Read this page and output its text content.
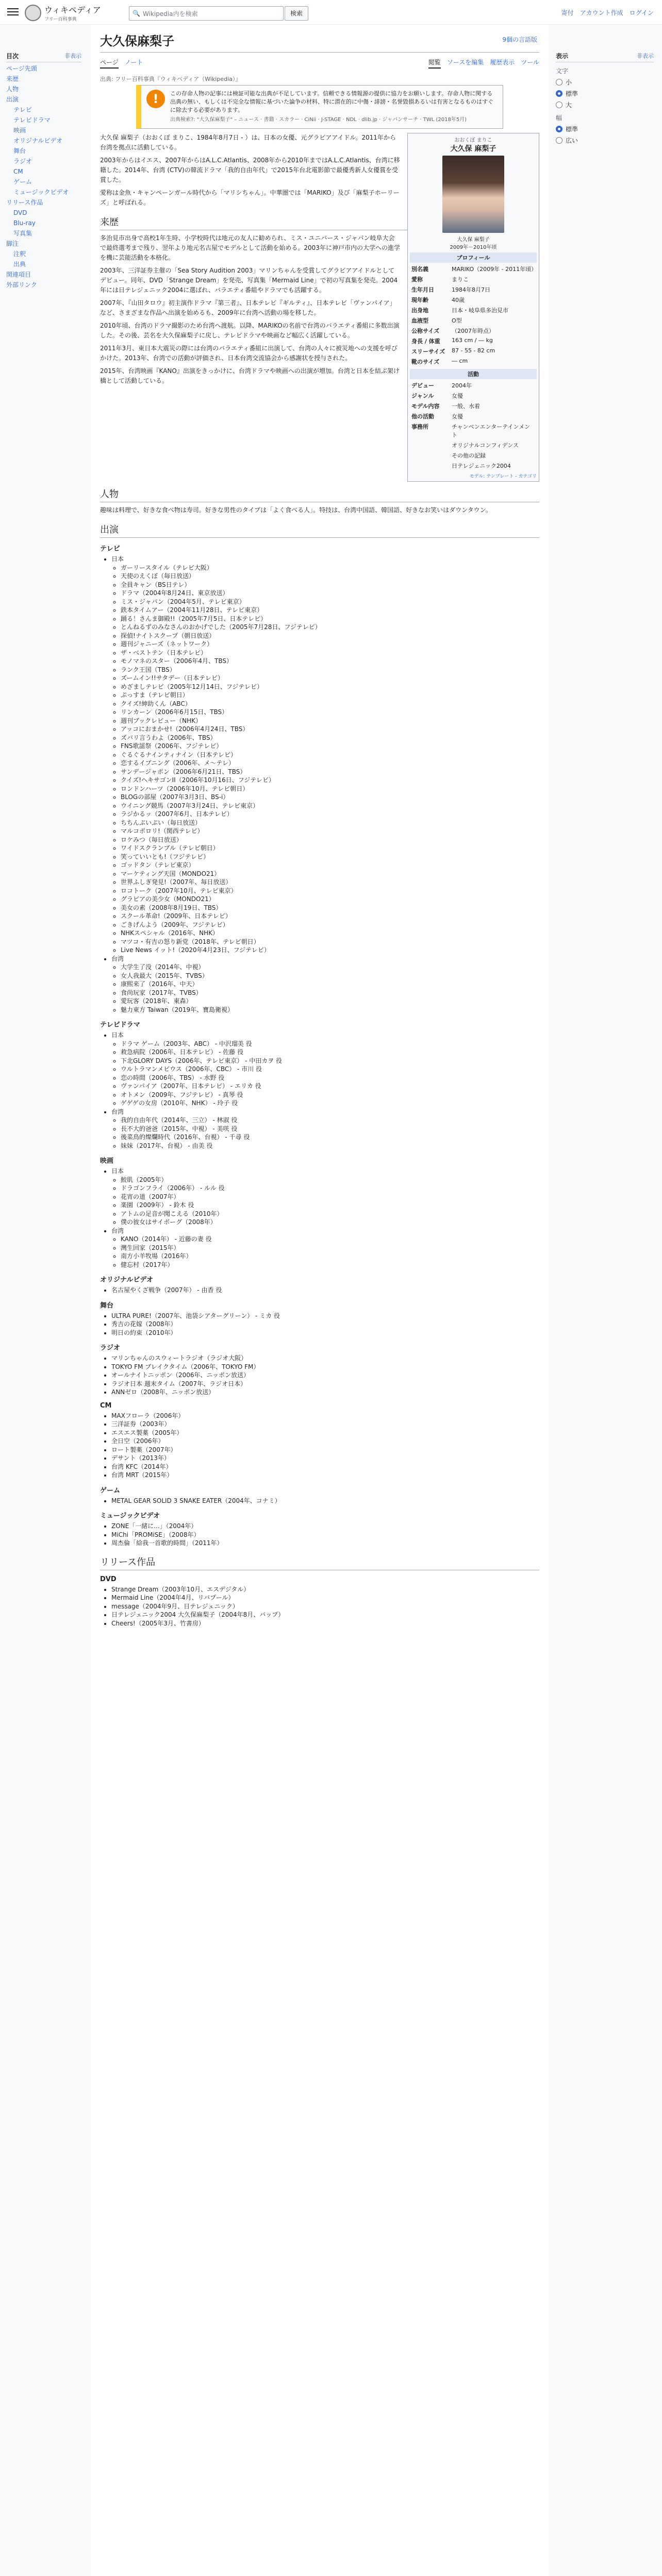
ウィキペディア
フリー百科事典
🔍 Wikipedia内を検索	検索	寄付 アカウント作成 ログイン
目次	非表示
ページ先頭
来歴
人物
出演
テレビ
テレビドラマ
映画
オリジナルビデオ
舞台
ラジオ
CM
ゲーム
ミュージックビデオ
リリース作品
DVD
Blu-ray
写真集
脚注
注釈
出典
関連項目
外部リンク
大久保麻梨子	9個の言語版
ページ ノート	閲覧 ソースを編集 履歴表示 ツール
出典: フリー百科事典『ウィキペディア（Wikipedia）』
!	この存命人物の記事には検証可能な出典が不足しています。信頼できる情報源の提供に協力をお願いします。存命人物に関する出典の無い、もしくは不完全な情報に基づいた論争の材料、特に潜在的に中傷・誹謗・名誉毀損あるいは有害となるものはすぐに除去する必要があります。
出典検索?: "大久保麻梨子" – ニュース · 書籍 · スカラー · CiNii · J-STAGE · NDL · dlib.jp · ジャパンサーチ · TWL (2018年5月)
おおくぼ まりこ
大久保 麻梨子
大久保 麻梨子
2009年－2010年頃
プロフィール
別名義	MARIKO（2009年 - 2011年頃）
愛称	まりこ
生年月日	1984年8月7日
現年齢	40歳
出身地	日本・岐阜県多治見市
血液型	O型
公称サイズ	（2007年時点）
身長 / 体重	163 cm / ― kg
スリーサイズ	87 - 55 - 82 cm
靴のサイズ	― cm
活動
デビュー	2004年
ジャンル	女優
モデル内容	一般、水着
他の活動	女優
事務所	チャンベンエンターテインメント
	オリジナルコンフィデンス
	その他の記録
	日テレジェニック2004
モデル: テンプレート - カテゴリ

大久保 麻梨子（おおくぼ まりこ、1984年8月7日 - ）は、日本の女優、元グラビアアイドル。2011年から台湾を拠点に活動している。

2003年からはイエス、2007年からはA.L.C.Atlantis、2008年から2010年まではA.L.C.Atlantis、台湾に移籍した。2014年、台湾 (CTV)の韓流ドラマ「我的自由年代」で2015年台北電影節で最優秀新人女優賞を受賞した。

愛称は金魚・キャンペーンガール時代から「マリシちゃん」。中華圏では「MARIKO」及び「麻梨子ホーリーズ」と呼ばれる。

来歴

多治見市出身で高校1年生時、小学校時代は地元の友人に勧められ、ミス・ユニバース・ジャパン岐阜大会で最終選考まで残り、翌年より地元名古屋でモデルとして活動を始める。2003年に神戸市内の大学への進学を機に芸能活動を本格化。

2003年、三洋証券主催の「Sea Story Audition 2003」マリンちゃんを受賞してグラビアアイドルとしてデビュー。同年、DVD「Strange Dream」を発売、写真集「Mermaid Line」で初の写真集を発売。2004年には日テレジェニック2004に選ばれ、バラエティ番組やドラマでも活躍する。

2007年、『山田タロウ』初主演作ドラマ『第三者』、日本テレビ『ギルティ』、日本テレビ「ヴァンパイア」など、さまざまな作品へ出演を始めるも、2009年に台湾へ活動の場を移した。

2010年頃、台湾のドラマ撮影のため台湾へ渡航。以降、MARIKOの名前で台湾のバラエティ番組に多数出演した。その後、芸名を大久保麻梨子に戻し、テレビドラマや映画など幅広く活躍している。

2011年3月、東日本大震災の際には台湾のバラエティ番組に出演して、台湾の人々に被災地への支援を呼びかけた。2013年、台湾での活動が評価され、日本台湾交流協会から感謝状を授与された。

2015年、台湾映画『KANO』出演をきっかけに、台湾ドラマや映画への出演が増加。台湾と日本を結ぶ架け橋として活動している。

人物

趣味は料理で、好きな食べ物は寿司。好きな男性のタイプは「よく食べる人」。特技は、台湾中国語、韓国語、好きなお笑いはダウンタウン。

出演
テレビ
• 日本
◦ ガーリースタイル（テレビ大阪）
◦ 天使のえくぼ（毎日放送）
◦ 全員キャン（BS日テレ）
◦ ドラマ（2004年8月24日、東京放送）
◦ ミス・ジャパン（2004年5月、テレビ東京）
◦ 鉄本タイムアー（2004年11月28日、テレビ東京）
◦ 踊る！さんま御殿!!（2005年7月5日、日本テレビ）
◦ とんねるずのみなさんのおかげでした（2005年7月28日、フジテレビ）
◦ 探偵!ナイトスクープ（朝日放送）
◦ 週刊ジャニーズ（ネットワーク）
◦ ザ・ベストテン（日本テレビ）
◦ モノマネのスター（2006年4月、TBS）
◦ ランク王国（TBS）
◦ ズームイン!!サタデー（日本テレビ）
◦ めざましテレビ（2005年12月14日、フジテレビ）
◦ ぷっすま（テレビ朝日）
◦ クイズ!紳助くん（ABC）
◦ リンカーン（2006年6月15日、TBS）
◦ 週刊ブックレビュー（NHK）
◦ アッコにおまかせ!（2006年4月24日、TBS）
◦ ズバリ言うわよ（2006年、TBS）
◦ FNS歌謡祭（2006年、フジテレビ）
◦ ぐるぐるナインティナイン（日本テレビ）
◦ 恋するイブニング（2006年、メ～テレ）
◦ サンデージャポン（2006年6月21日、TBS）
◦ クイズ!ヘキサゴンII（2006年10月16日、フジテレビ）
◦ ロンドンハーツ（2006年10月、テレビ朝日）
◦ BLOGの部屋（2007年3月3日、BS-i）
◦ ウイニング競馬（2007年3月24日、テレビ東京）
◦ ラジかるッ（2007年6月、日本テレビ）
◦ ちちんぷいぷい（毎日放送）
◦ マルコポロリ!（関西テレビ）
◦ ロケみつ（毎日放送）
◦ ワイドスクランブル（テレビ朝日）
◦ 笑っていいとも!（フジテレビ）
◦ ゴッドタン（テレビ東京）
◦ マーケティング天国（MONDO21）
◦ 世界ふしぎ発見!（2007年、毎日放送）
◦ ロコトーク（2007年10月、テレビ東京）
◦ グラビアの美少女（MONDO21）
◦ 美女の素（2008年8月19日、TBS）
◦ スクール革命!（2009年、日本テレビ）
◦ ごきげんよう（2009年、フジテレビ）
◦ NHKスペシャル（2016年、NHK）
◦ マツコ・有吉の怒り新党（2018年、テレビ朝日）
◦ Live News イット!（2020年4月23日、フジテレビ）
• 台湾
◦ 大学生了没（2014年、中視）
◦ 女人我最大（2015年、TVBS）
◦ 康熙来了（2016年、中天）
◦ 食尚玩家（2017年、TVBS）
◦ 愛玩客（2018年、東森）
◦ 魅力東方 Taiwan（2019年、寶島衛視）
テレビドラマ
• 日本
◦ ドラマ ゲーム（2003年、ABC） - 中沢瑠美 役
◦ 救急病院（2006年、日本テレビ） - 佐藤 役
◦ 下北GLORY DAYS（2006年、テレビ東京） - 中田カヲ 役
◦ ウルトラマンメビウス（2006年、CBC） - 市川 役
◦ 恋の時間（2006年、TBS） - 水野 役
◦ ヴァンパイア（2007年、日本テレビ） - エリカ 役
◦ オトメン（2009年、フジテレビ） - 真琴 役
◦ ゲゲゲの女房（2010年、NHK） - 玲子 役
• 台湾
◦ 我的自由年代（2014年、三立） - 林淑 役
◦ 長不大的爸爸（2015年、中視） - 美咲 役
◦ 後菜鳥的燦爛時代（2016年、台視） - 千尋 役
◦ 妹妹（2017年、台視） - 由美 役
映画
• 日本
◦ 鮫肌（2005年）
◦ ドラゴンフライ（2006年） - ルル 役
◦ 花宵の道（2007年）
◦ 楽園（2009年） - 鈴木 役
◦ アトムの足音が聞こえる（2010年）
◦ 僕の彼女はサイボーグ（2008年）
• 台湾
◦ KANO（2014年） - 近藤の妻 役
◦ 灣生回家（2015年）
◦ 南方小羊牧場（2016年）
◦ 健忘村（2017年）
オリジナルビデオ
• 名古屋やくざ戦争（2007年） - 由香 役
舞台
• ULTRA PURE!（2007年、池袋シアターグリーン） - ミカ 役
• 秀吉の花嫁（2008年）
• 明日の約束（2010年）
ラジオ
• マリンちゃんのスウィートラジオ（ラジオ大阪）
• TOKYO FM ブレイクタイム（2006年、TOKYO FM）
• オールナイトニッポン（2006年、ニッポン放送）
• ラジオ日本 週末タイム（2007年、ラジオ日本）
• ANNゼロ（2008年、ニッポン放送）
CM
• MAXフローラ（2006年）
• 三洋証券（2003年）
• エスエス製薬（2005年）
• 全日空（2006年）
• ロート製薬（2007年）
• デサント（2013年）
• 台湾 KFC（2014年）
• 台湾 MRT（2015年）
ゲーム
• METAL GEAR SOLID 3 SNAKE EATER（2004年、コナミ）
ミュージックビデオ
• ZONE「一緒に...」（2004年）
• MiChi「PROMiSE」（2008年）
• 周杰倫「給我一首歌的時間」（2011年）
リリース作品
DVD
• Strange Dream（2003年10月、エスデジタル）
• Mermaid Line（2004年4月、リバプール）
• message（2004年9月、日テレジェニック）
• 日テレジェニック2004 大久保麻梨子（2004年8月、バップ）
• Cheers!（2005年3月、竹書房）
表示	非表示
文字
小
標準
大
幅
標準
広い
